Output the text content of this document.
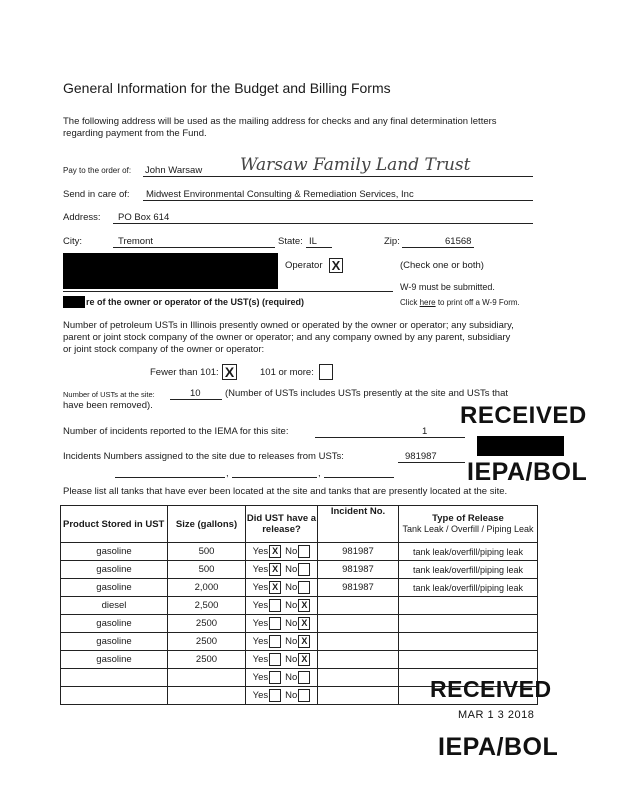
General Information for the Budget and Billing Forms
The following address will be used as the mailing address for checks and any final determination letters
regarding payment from the Fund.
Pay to the order of: John Warsaw Warsaw Family Land Trust
Send in care of: Midwest Environmental Consulting & Remediation Services, Inc
Address: PO Box 614
City:	Tremont	State: IL	Zip:	61568
Operator X	(Check one or both)
W-9 must be submitted.
re of the owner or operator of the UST(s) (required)	Click here to print off a W-9 Form.
Number of petroleum USTs in Illinois presently owned or operated by the owner or operator; any subsidiary,
parent or joint stock company of the owner or operator; and any company owned by any parent, subsidiary
or joint stock company of the owner or operator:
Fewer than 101: X	101 or more:
Number of USTs at the site:	10	(Number of USTs includes USTs presently at the site and USTs that
have been removed).
Number of incidents reported to the IEMA for this site:	1
Incidents Numbers assigned to the site due to releases from USTs:	981987
,	,
RECEIVED
IEPA/BOL
Please list all tanks that have ever been located at the site and tanks that are presently located at the site.
Product Stored in UST	Size (gallons)	Did UST have a release?	Incident No.	Type of Release
Tank Leak / Overfill / Piping Leak

gasoline	500	Yes X No	981987	tank leak/overfill/piping leak
gasoline	500	Yes X No	981987	tank leak/overfill/piping leak
gasoline	2,000	Yes X No	981987	tank leak/overfill/piping leak
diesel	2,500	Yes No X		

gasoline	2500	Yes No X		

gasoline	2500	Yes No X		

gasoline	2500	Yes No X		

		Yes No		

		Yes No		
			RECEIVED
MAR 1 3 2018
IEPA/BOL
